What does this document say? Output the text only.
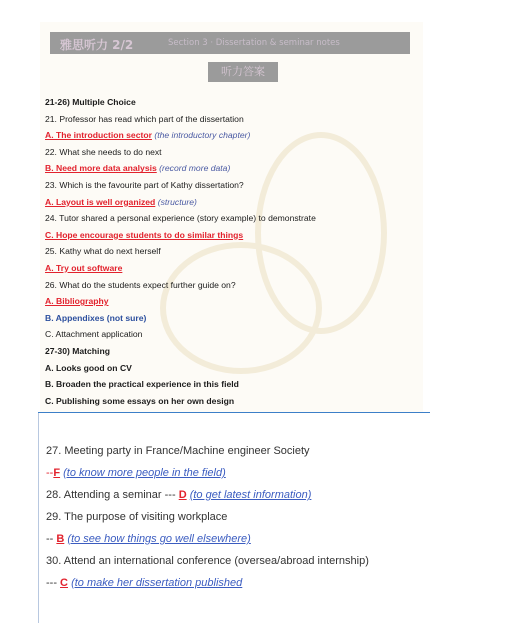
雅思听力 2/2	Section 3 · Dissertation & seminar notes
听力答案
21-26) Multiple Choice
21. Professor has read which part of the dissertation
A. The introduction sector (the introductory chapter)
22. What she needs to do next
B. Need more data analysis (record more data)
23. Which is the favourite part of Kathy dissertation?
A. Layout is well organized (structure)
24. Tutor shared a personal experience (story example) to demonstrate
C. Hope encourage students to do similar things
25. Kathy what do next herself
A. Try out software
26. What do the students expect further guide on?
A. Bibliography
B. Appendixes (not sure)
C. Attachment application
27-30) Matching
A. Looks good on CV
B. Broaden the practical experience in this field
C. Publishing some essays on her own design
27. Meeting party in France/Machine engineer Society
--F (to know more people in the field)
28. Attending a seminar --- D (to get latest information)
29. The purpose of visiting workplace
-- B (to see how things go well elsewhere)
30. Attend an international conference (oversea/abroad internship)
--- C (to make her dissertation published
